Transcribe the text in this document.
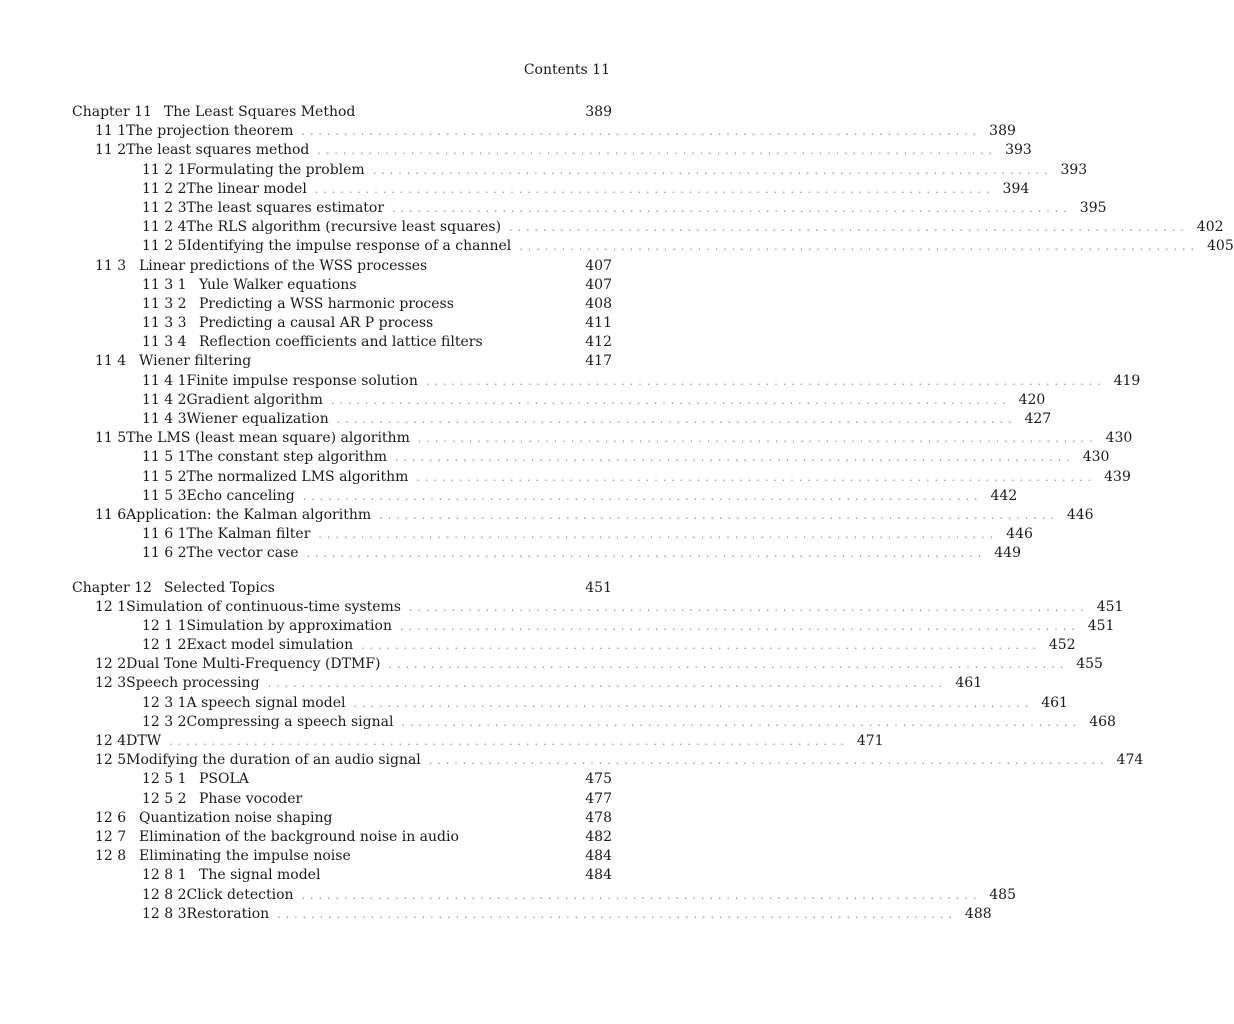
Contents 11
Chapter 11 The Least Squares Method	389
11 1 The projection theorem ................................................................................ 389
11 2 The least squares method ................................................................................ 393
11 2 1 Formulating the problem ................................................................................ 393
11 2 2 The linear model ................................................................................ 394
11 2 3 The least squares estimator ................................................................................ 395
11 2 4 The RLS algorithm (recursive least squares) ................................................................................ 402
11 2 5 Identifying the impulse response of a channel ................................................................................ 405
11 3 Linear predictions of the WSS processes	407
11 3 1 Yule Walker equations	407
11 3 2 Predicting a WSS harmonic process	408
11 3 3 Predicting a causal AR P process	411
11 3 4 Reflection coefficients and lattice filters	412
11 4 Wiener filtering	417
11 4 1 Finite impulse response solution ................................................................................ 419
11 4 2 Gradient algorithm ................................................................................ 420
11 4 3 Wiener equalization ................................................................................ 427
11 5 The LMS (least mean square) algorithm ................................................................................ 430
11 5 1 The constant step algorithm ................................................................................ 430
11 5 2 The normalized LMS algorithm ................................................................................ 439
11 5 3 Echo canceling ................................................................................ 442
11 6 Application: the Kalman algorithm ................................................................................ 446
11 6 1 The Kalman filter ................................................................................ 446
11 6 2 The vector case ................................................................................ 449
Chapter 12 Selected Topics	451
12 1 Simulation of continuous-time systems ................................................................................ 451
12 1 1 Simulation by approximation ................................................................................ 451
12 1 2 Exact model simulation ................................................................................ 452
12 2 Dual Tone Multi-Frequency (DTMF) ................................................................................ 455
12 3 Speech processing ................................................................................ 461
12 3 1 A speech signal model ................................................................................ 461
12 3 2 Compressing a speech signal ................................................................................ 468
12 4 DTW ................................................................................ 471
12 5 Modifying the duration of an audio signal ................................................................................ 474
12 5 1 PSOLA	475
12 5 2 Phase vocoder	477
12 6 Quantization noise shaping	478
12 7 Elimination of the background noise in audio	482
12 8 Eliminating the impulse noise	484
12 8 1 The signal model	484
12 8 2 Click detection ................................................................................ 485
12 8 3 Restoration ................................................................................ 488
